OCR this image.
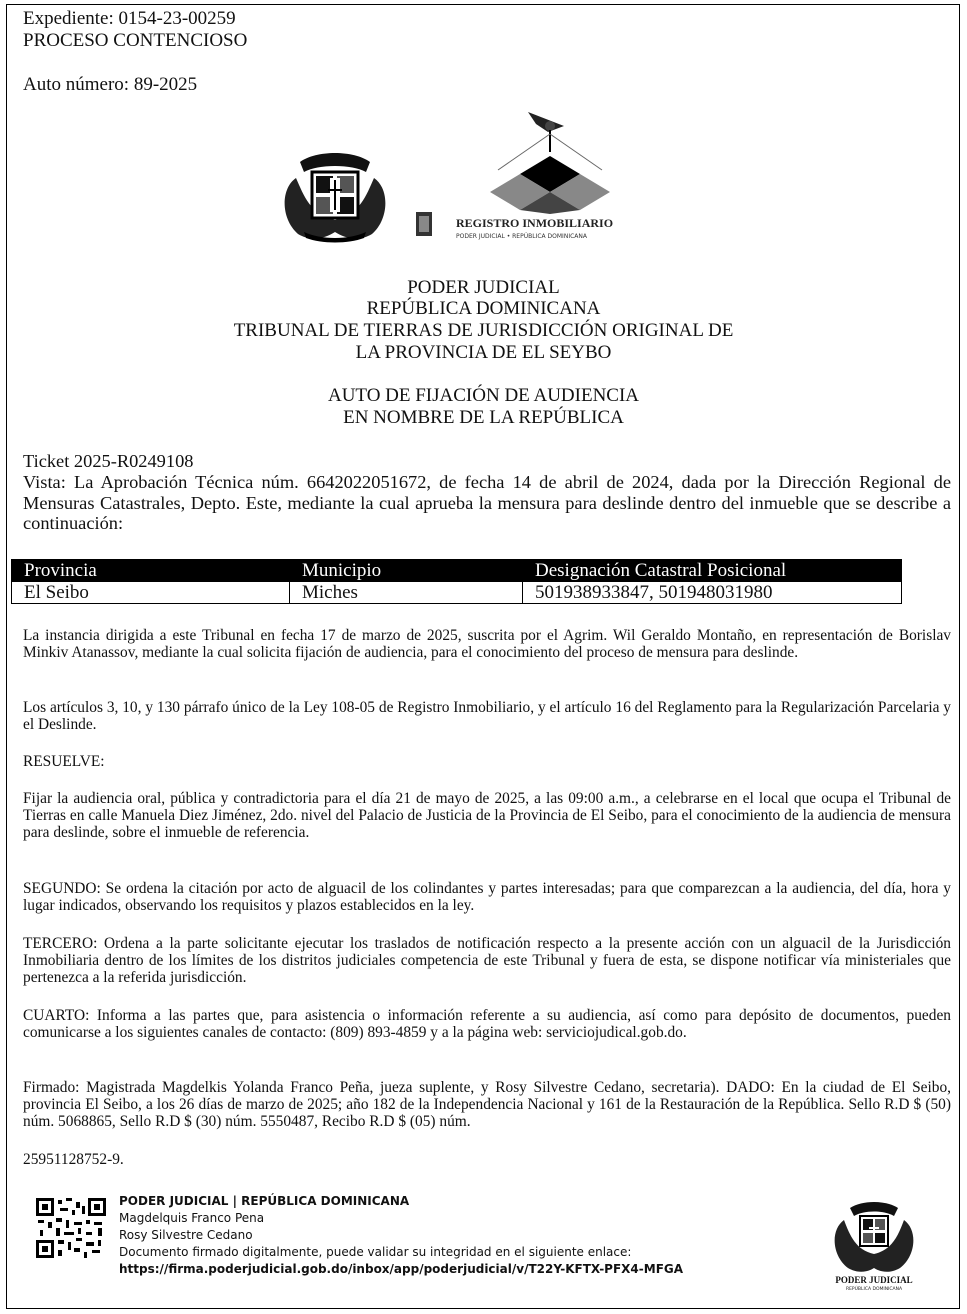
Expediente: 0154-23-00259
PROCESO CONTENCIOSO
Auto número: 89-2025
REGISTRO INMOBILIARIO
PODER JUDICIAL • REPÚBLICA DOMINICANA
PODER JUDICIAL
REPÚBLICA DOMINICANA
TRIBUNAL DE TIERRAS DE JURISDICCIÓN ORIGINAL DE
LA PROVINCIA DE EL SEYBO
AUTO DE FIJACIÓN DE AUDIENCIA
EN NOMBRE DE LA REPÚBLICA
Ticket 2025-R0249108
Vista: La Aprobación Técnica núm. 6642022051672, de fecha 14 de abril de 2024, dada por la Dirección Regional de Mensuras Catastrales, Depto. Este, mediante la cual aprueba la mensura para deslinde dentro del inmueble que se describe a continuación:
Provincia	Municipio	Designación Catastral Posicional
El Seibo	Miches	501938933847, 501948031980
La instancia dirigida a este Tribunal en fecha 17 de marzo de 2025, suscrita por el Agrim. Wil Geraldo Montaño, en representación de Borislav Minkiv Atanassov, mediante la cual solicita fijación de audiencia, para el conocimiento del proceso de mensura para deslinde.
Los artículos 3, 10, y 130 párrafo único de la Ley 108-05 de Registro Inmobiliario, y el artículo 16 del Reglamento para la Regularización Parcelaria y el Deslinde.
RESUELVE:
Fijar la audiencia oral, pública y contradictoria para el día 21 de mayo de 2025, a las 09:00 a.m., a celebrarse en el local que ocupa el Tribunal de Tierras en calle Manuela Diez Jiménez, 2do. nivel del Palacio de Justicia de la Provincia de El Seibo, para el conocimiento de la audiencia de mensura para deslinde, sobre el inmueble de referencia.
SEGUNDO: Se ordena la citación por acto de alguacil de los colindantes y partes interesadas; para que comparezcan a la audiencia, del día, hora y lugar indicados, observando los requisitos y plazos establecidos en la ley.
TERCERO: Ordena a la parte solicitante ejecutar los traslados de notificación respecto a la presente acción con un alguacil de la Jurisdicción Inmobiliaria dentro de los límites de los distritos judiciales competencia de este Tribunal y fuera de esta, se dispone notificar vía ministeriales que pertenezca a la referida jurisdicción.
CUARTO: Informa a las partes que, para asistencia o información referente a su audiencia, así como para depósito de documentos, pueden comunicarse a los siguientes canales de contacto: (809) 893-4859 y a la página web: serviciojudical.gob.do.
Firmado: Magistrada Magdelkis Yolanda Franco Peña, jueza suplente, y Rosy Silvestre Cedano, secretaria). DADO: En la ciudad de El Seibo, provincia El Seibo, a los 26 días de marzo de 2025; año 182 de la Independencia Nacional y 161 de la Restauración de la República. Sello R.D $ (50) núm. 5068865, Sello R.D $ (30) núm. 5550487, Recibo R.D $ (05) núm.
25951128752-9.
PODER JUDICIAL | REPÚBLICA DOMINICANA
Magdelquis Franco Pena
Rosy Silvestre Cedano
Documento firmado digitalmente, puede validar su integridad en el siguiente enlace:
https://firma.poderjudicial.gob.do/inbox/app/poderjudicial/v/T22Y-KFTX-PFX4-MFGA
PODER JUDICIAL
REPÚBLICA DOMINICANA
